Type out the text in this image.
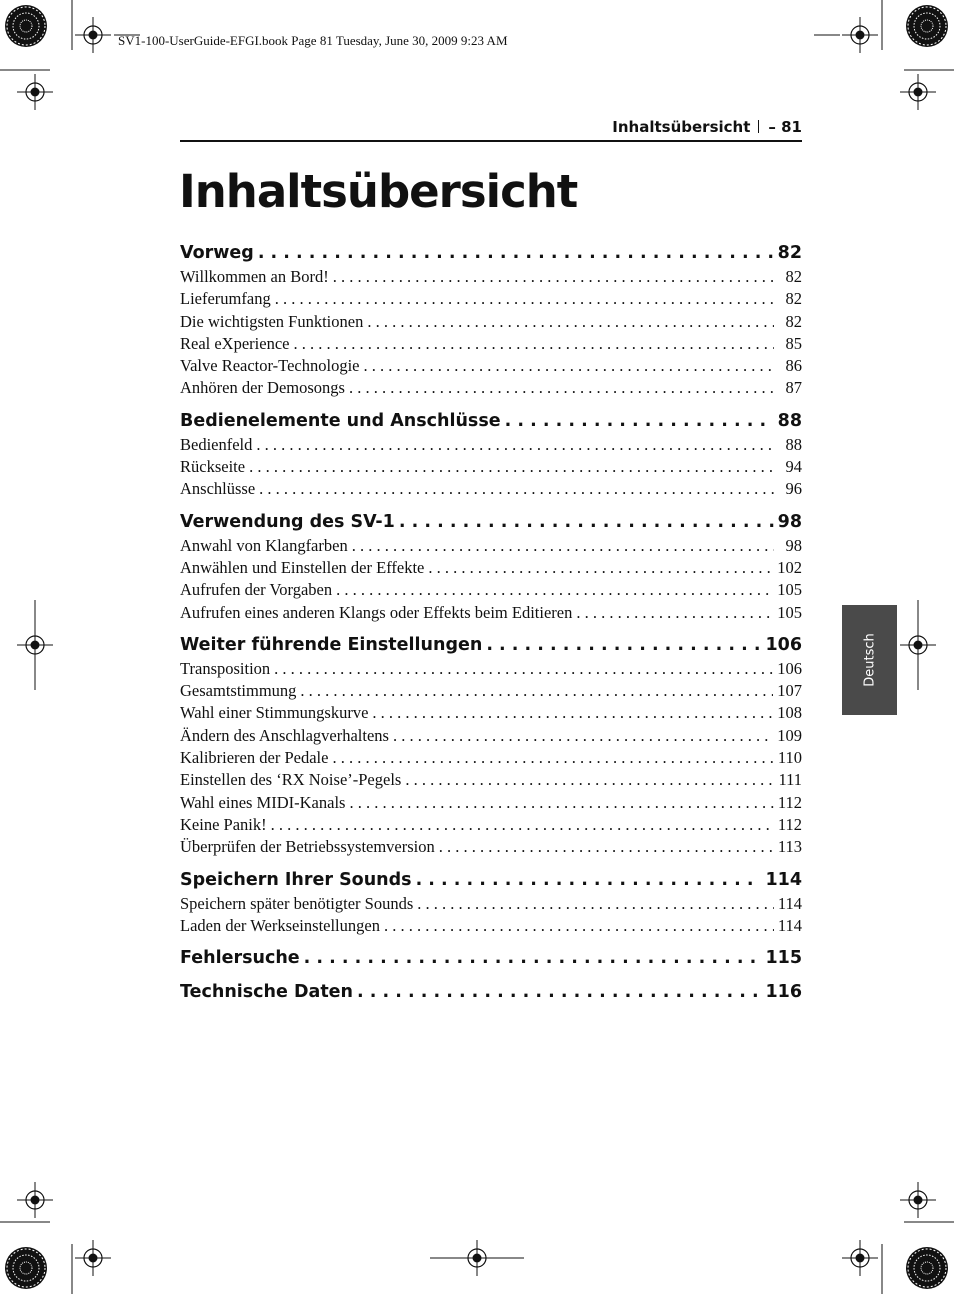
SV1-100-UserGuide-EFGI.book Page 81 Tuesday, June 30, 2009 9:23 AM
Inhaltsübersicht – 81
Inhaltsübersicht
Vorweg . . .	82
Willkommen an Bord! . . .	82
Lieferumfang . . .	82
Die wichtigsten Funktionen . . .	82
Real eXperience . . .	85
Valve Reactor-Technologie . . .	86
Anhören der Demosongs . . .	87
Bedienelemente und Anschlüsse . . .	88
Bedienfeld . . .	88
Rückseite . . .	94
Anschlüsse . . .	96
Verwendung des SV-1 . . .	98
Anwahl von Klangfarben . . .	98
Anwählen und Einstellen der Effekte . . .	102
Aufrufen der Vorgaben . . .	105
Aufrufen eines anderen Klangs oder Effekts beim Editieren . . .	105
Weiter führende Einstellungen . . .	106
Transposition . . .	106
Gesamtstimmung . . .	107
Wahl einer Stimmungskurve . . .	108
Ändern des Anschlagverhaltens . . .	109
Kalibrieren der Pedale . . .	110
Einstellen des ‘RX Noise’-Pegels . . .	111
Wahl eines MIDI-Kanals . . .	112
Keine Panik! . . .	112
Überprüfen der Betriebssystemversion . . .	113
Speichern Ihrer Sounds . . .	114
Speichern später benötigter Sounds . . .	114
Laden der Werkseinstellungen . . .	114
Fehlersuche . . .	115
Technische Daten . . .	116
Deutsch
